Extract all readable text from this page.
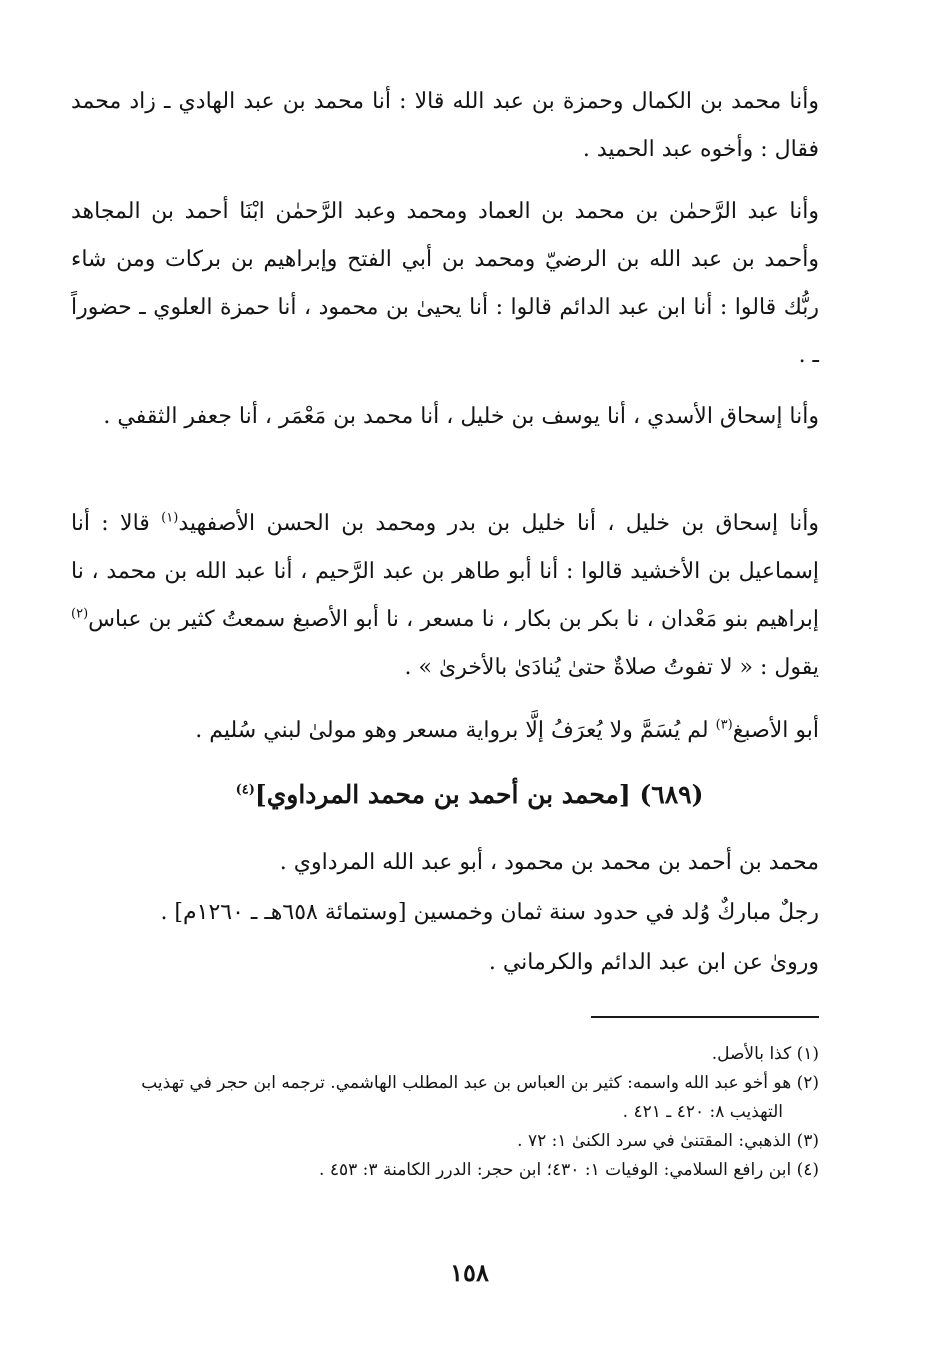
وأنا محمد بن الكمال وحمزة بن عبد الله قالا : أنا محمد بن عبد الهادي ـ زاد محمد فقال : وأخوه عبد الحميد .

وأنا عبد الرَّحمٰن بن محمد بن العماد ومحمد وعبد الرَّحمٰن ابْنَا أحمد بن المجاهد وأحمد بن عبد الله بن الرضيّ ومحمد بن أبي الفتح وإبراهيم بن بركات ومن شاء ربُّك قالوا : أنا ابن عبد الدائم قالوا : أنا يحيىٰ بن محمود ، أنا حمزة العلوي ـ حضوراً ـ .

وأنا إسحاق الأسدي ، أنا يوسف بن خليل ، أنا محمد بن مَعْمَر ، أنا جعفر الثقفي .

وأنا إسحاق بن خليل ، أنا خليل بن بدر ومحمد بن الحسن الأصفهيد$^{(١)}$ قالا : أنا إسماعيل بن الأخشيد قالوا : أنا أبو طاهر بن عبد الرَّحيم ، أنا عبد الله بن محمد ، نا إبراهيم بنو مَعْدان ، نا بكر بن بكار ، نا مسعر ، نا أبو الأصبغ سمعتُ كثير بن عباس$^{(٢)}$ يقول : « لا تفوتُ صلاةٌ حتىٰ يُنادَىٰ بالأخرىٰ » .

أبو الأصبغ$^{(٣)}$ لم يُسَمَّ ولا يُعرَفُ إلَّا برواية مسعر وهو مولىٰ لبني سُليم .

(٦٨٩) [محمد بن أحمد بن محمد المرداوي]$^{(٤)}$

محمد بن أحمد بن محمد بن محمود ، أبو عبد الله المرداوي .

رجلٌ مباركٌ وُلد في حدود سنة ثمان وخمسين [وستمائة ٦٥٨هـ ـ ١٢٦٠م] .

ورویٰ عن ابن عبد الدائم والكرماني .

(١) كذا بالأصل.

(٢) هو أخو عبد الله واسمه: كثير بن العباس بن عبد المطلب الهاشمي. ترجمه ابن حجر في تهذيب

التهذيب ٨: ٤٢٠ ـ ٤٢١ .

(٣) الذهبي: المقتنىٰ في سرد الكنىٰ ١: ٧٢ .

(٤) ابن رافع السلامي: الوفيات ١: ٤٣٠؛ ابن حجر: الدرر الكامنة ٣: ٤٥٣ .

١٥٨
